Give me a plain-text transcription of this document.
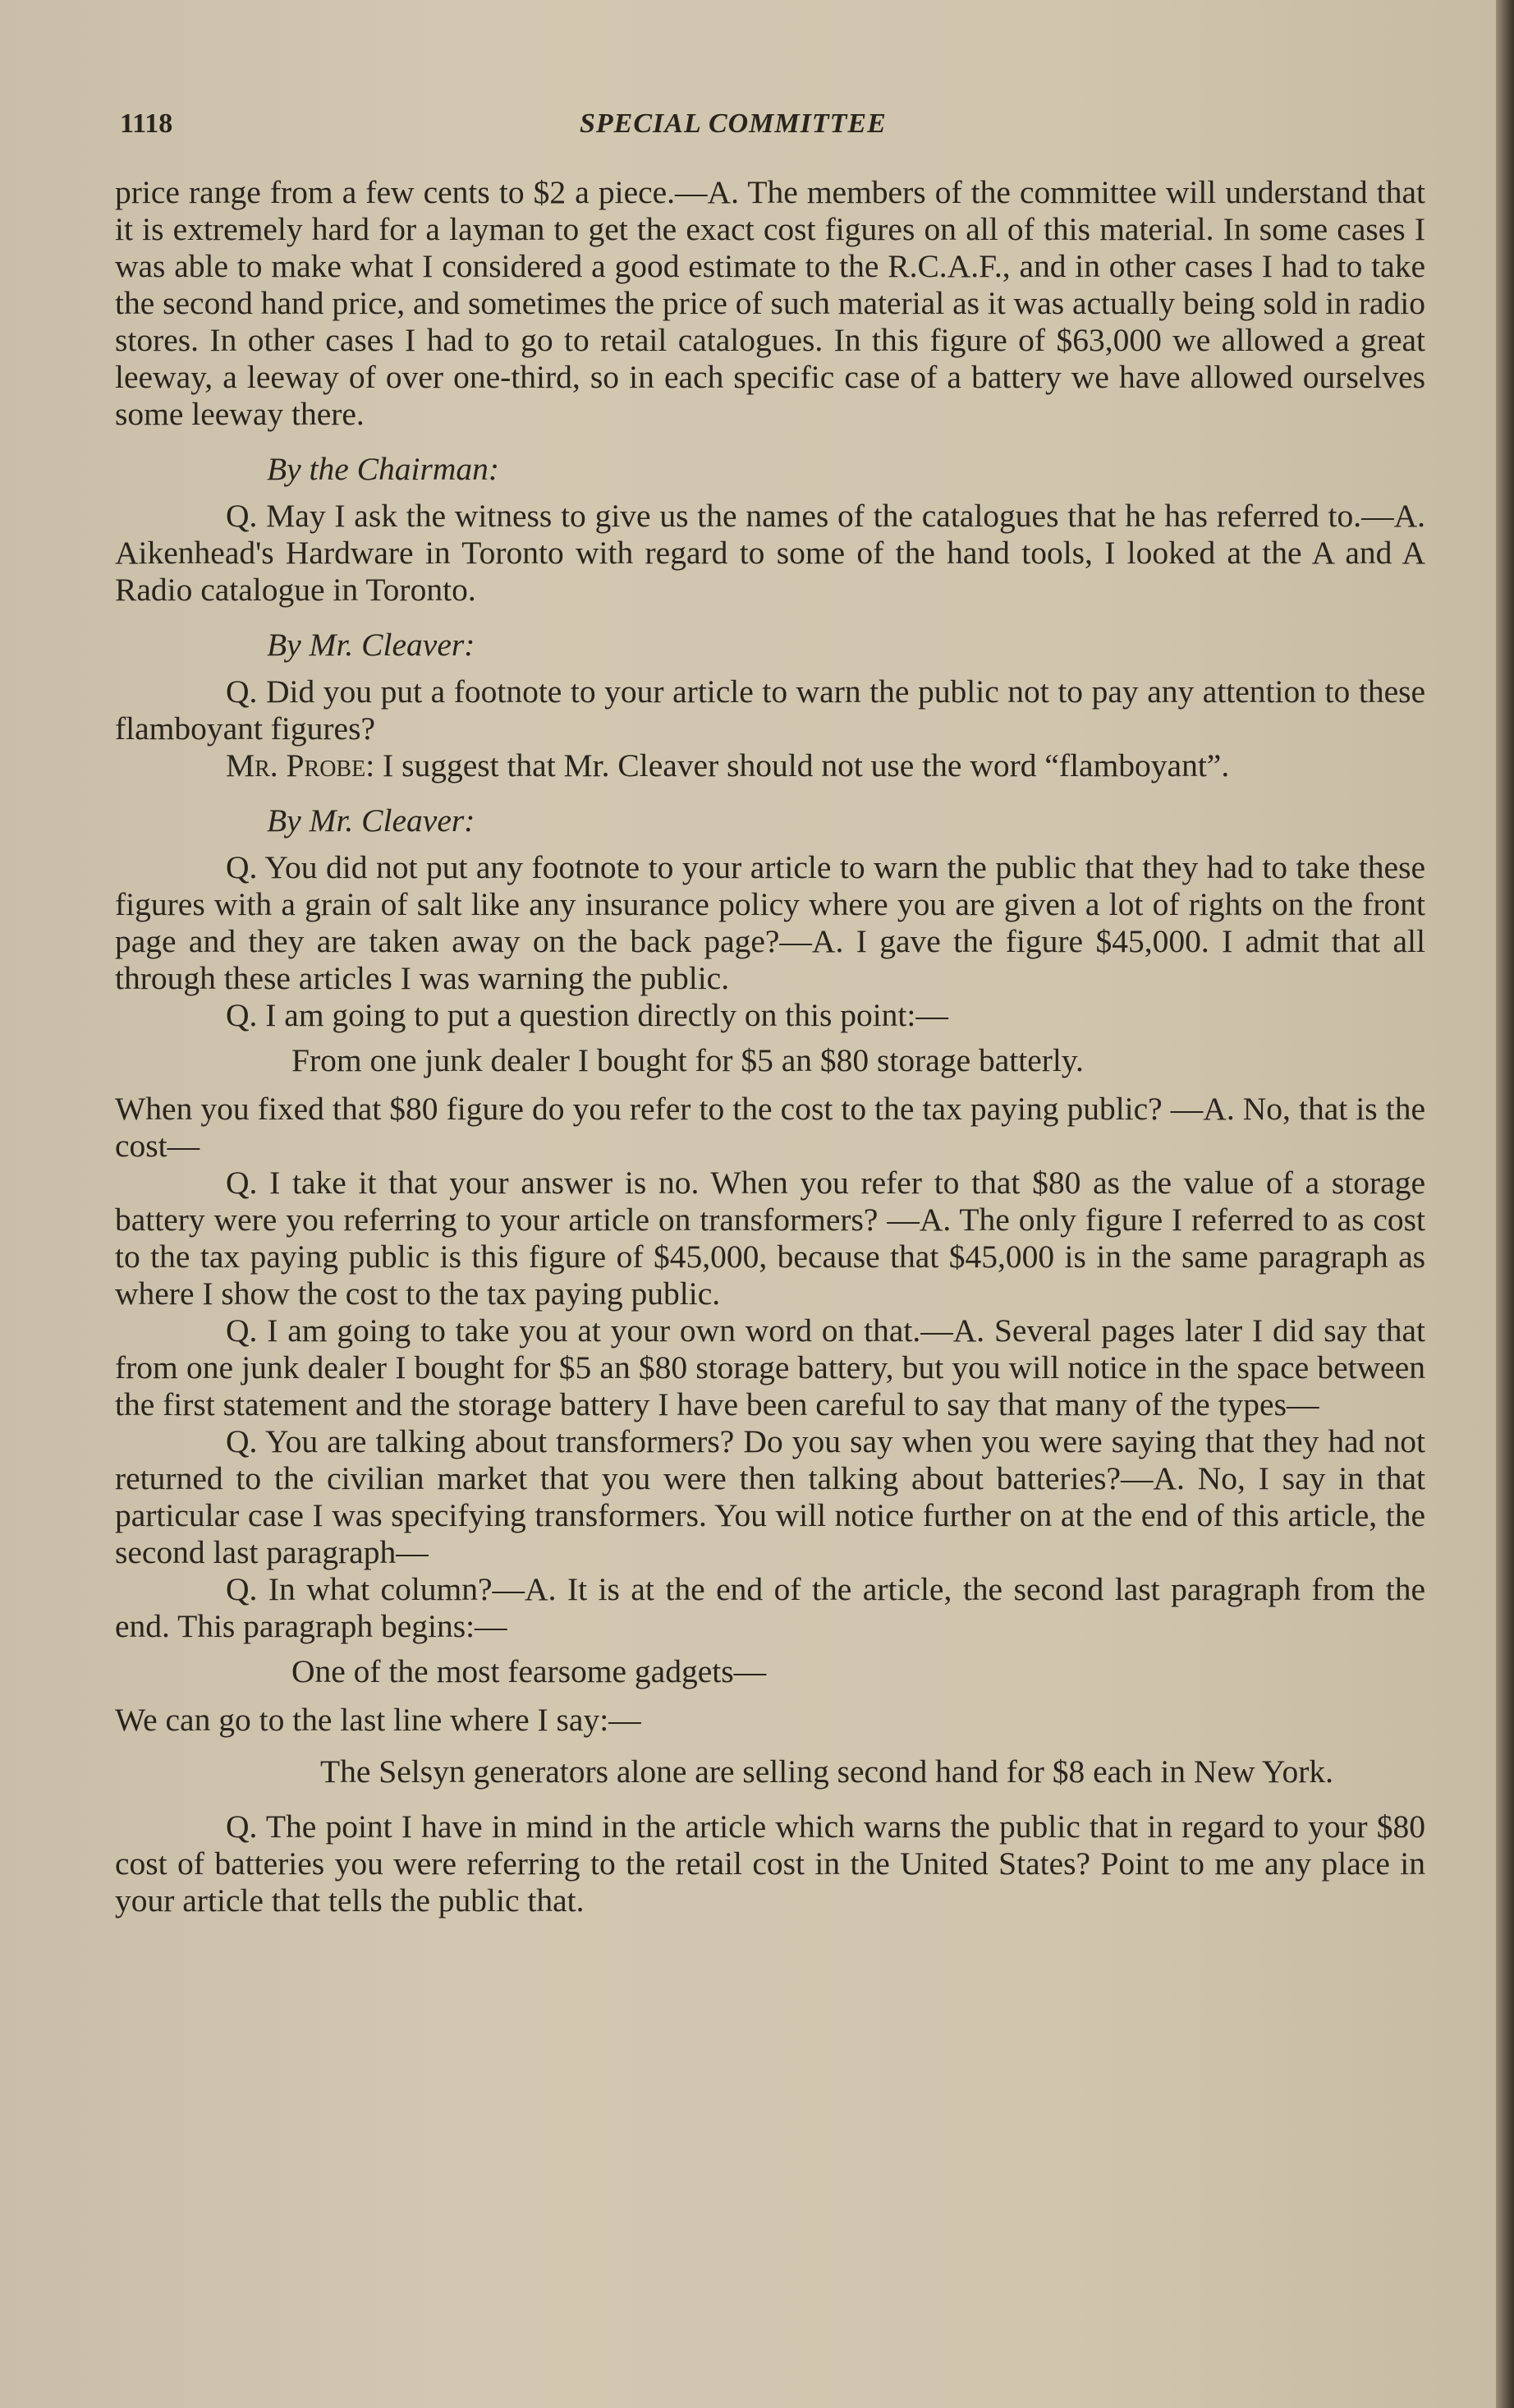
1118	SPECIAL COMMITTEE

price range from a few cents to $2 a piece.—A. The members of the committee will understand that it is extremely hard for a layman to get the exact cost figures on all of this material. In some cases I was able to make what I considered a good estimate to the R.C.A.F., and in other cases I had to take the second hand price, and sometimes the price of such material as it was actually being sold in radio stores. In other cases I had to go to retail catalogues. In this figure of $63,000 we allowed a great leeway, a leeway of over one-third, so in each specific case of a battery we have allowed ourselves some leeway there.

By the Chairman:

Q. May I ask the witness to give us the names of the catalogues that he has referred to.—A. Aikenhead's Hardware in Toronto with regard to some of the hand tools, I looked at the A and A Radio catalogue in Toronto.

By Mr. Cleaver:

Q. Did you put a footnote to your article to warn the public not to pay any attention to these flamboyant figures?

Mr. Probe: I suggest that Mr. Cleaver should not use the word “flamboyant”.

By Mr. Cleaver:

Q. You did not put any footnote to your article to warn the public that they had to take these figures with a grain of salt like any insurance policy where you are given a lot of rights on the front page and they are taken away on the back page?—A. I gave the figure $45,000. I admit that all through these articles I was warning the public.

Q. I am going to put a question directly on this point:—

From one junk dealer I bought for $5 an $80 storage batterly.

When you fixed that $80 figure do you refer to the cost to the tax paying public? —A. No, that is the cost—

Q. I take it that your answer is no. When you refer to that $80 as the value of a storage battery were you referring to your article on transformers? —A. The only figure I referred to as cost to the tax paying public is this figure of $45,000, because that $45,000 is in the same paragraph as where I show the cost to the tax paying public.

Q. I am going to take you at your own word on that.—A. Several pages later I did say that from one junk dealer I bought for $5 an $80 storage battery, but you will notice in the space between the first statement and the storage battery I have been careful to say that many of the types—

Q. You are talking about transformers? Do you say when you were saying that they had not returned to the civilian market that you were then talking about batteries?—A. No, I say in that particular case I was specifying transformers. You will notice further on at the end of this article, the second last paragraph—

Q. In what column?—A. It is at the end of the article, the second last paragraph from the end. This paragraph begins:—

One of the most fearsome gadgets—

We can go to the last line where I say:—

The Selsyn generators alone are selling second hand for $8 each in New York.

Q. The point I have in mind in the article which warns the public that in regard to your $80 cost of batteries you were referring to the retail cost in the United States? Point to me any place in your article that tells the public that.
